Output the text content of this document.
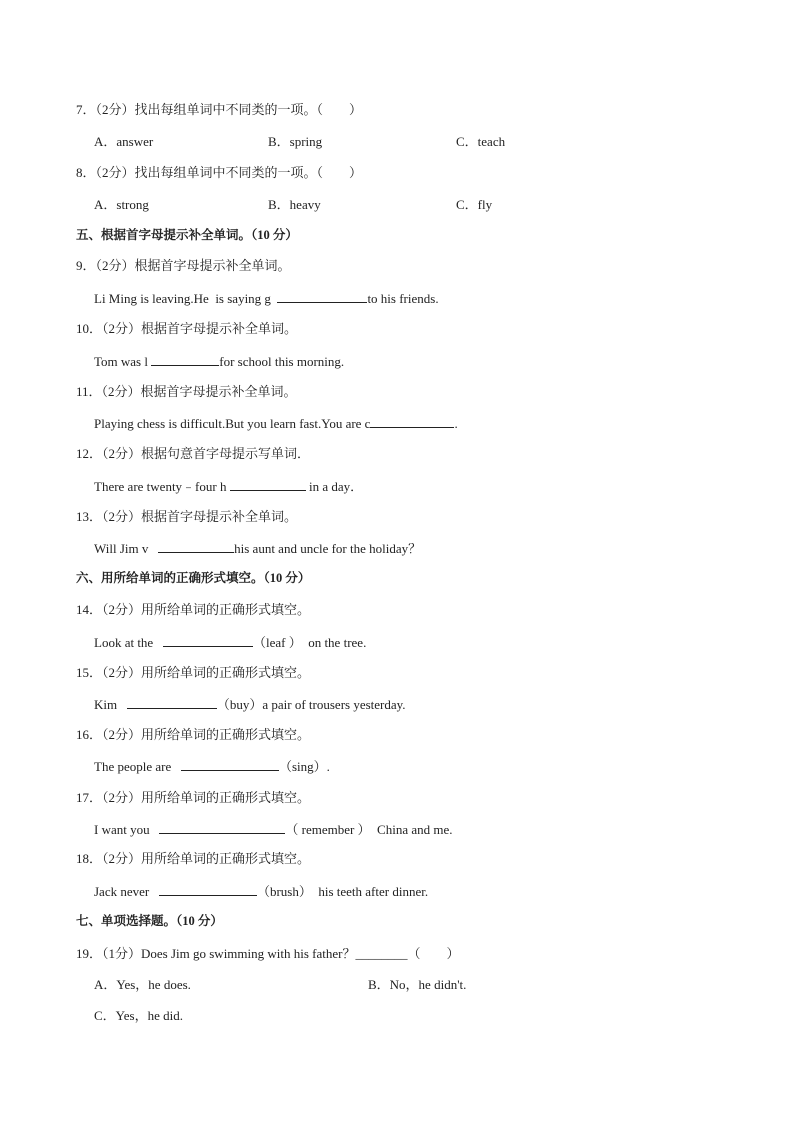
7．（2分）找出每组单词中不同类的一项。（　　）
A．answer	B．spring	C．teach
8．（2分）找出每组单词中不同类的一项。（　　）
A．strong	B．heavy	C．fly
五、根据首字母提示补全单词。（10 分）
9．（2分）根据首字母提示补全单词。
Li Ming is leaving.He  is saying g	to his friends.
10．（2分）根据首字母提示补全单词。
Tom was l	for school this morning.
11．（2分）根据首字母提示补全单词。
Playing chess is difficult.But you learn fast.You are c	.
12．（2分）根据句意首字母提示写单词．
There are twenty﹣four h	in a day．
13．（2分）根据首字母提示补全单词。
Will Jim v	his aunt and uncle for the holiday？
六、用所给单词的正确形式填空。（10 分）
14．（2分）用所给单词的正确形式填空。
Look at the	（leaf ）  on the tree.
15．（2分）用所给单词的正确形式填空。
Kim	（buy）a pair of trousers yesterday.
16．（2分）用所给单词的正确形式填空。
The people are	（sing）.
17．（2分）用所给单词的正确形式填空。
I want you	（ remember ）  China and me.
18．（2分）用所给单词的正确形式填空。
Jack never	（brush）  his teeth after dinner.
七、单项选择题。（10 分）
19．（1分）Does Jim go swimming with his father？________（　　）
A．Yes，he does.	B．No，he didn't.
C．Yes，he did.
